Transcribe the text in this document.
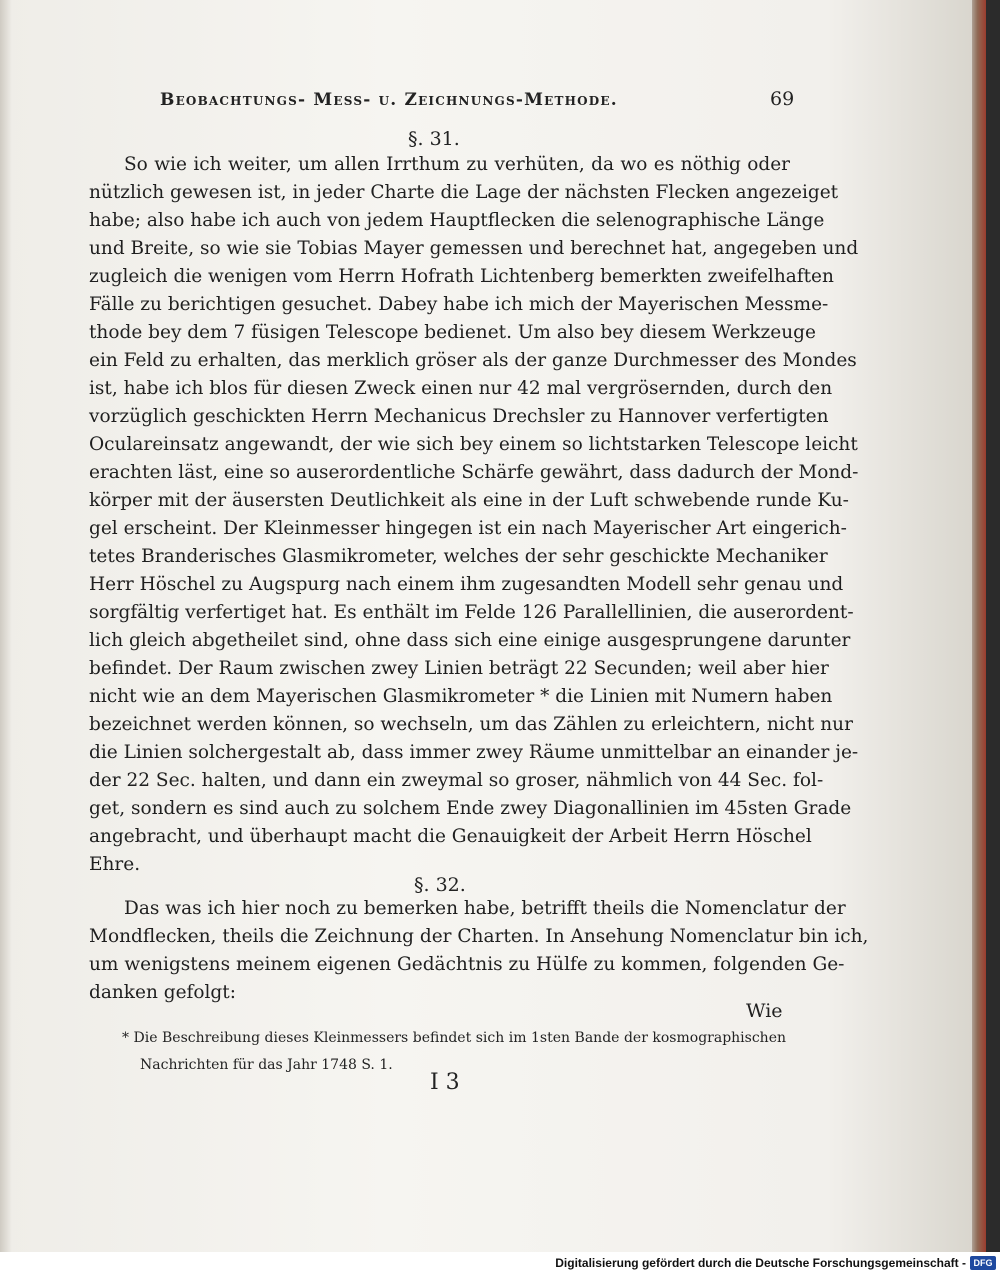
Beobachtungs- Mess- u. Zeichnungs-Methode.	69
§. 31.
So wie ich weiter, um allen Irrthum zu verhüten, da wo es nöthig oder
nützlich gewesen ist, in jeder Charte die Lage der nächsten Flecken angezeiget
habe; also habe ich auch von jedem Hauptflecken die selenographische Länge
und Breite, so wie sie Tobias Mayer gemessen und berechnet hat, angegeben und
zugleich die wenigen vom Herrn Hofrath Lichtenberg bemerkten zweifelhaften
Fälle zu berichtigen gesuchet. Dabey habe ich mich der Mayerischen Messme-
thode bey dem 7 füsigen Telescope bedienet. Um also bey diesem Werkzeuge
ein Feld zu erhalten, das merklich gröser als der ganze Durchmesser des Mondes
ist, habe ich blos für diesen Zweck einen nur 42 mal vergrösernden, durch den
vorzüglich geschickten Herrn Mechanicus Drechsler zu Hannover verfertigten
Oculareinsatz angewandt, der wie sich bey einem so lichtstarken Telescope leicht
erachten läst, eine so auserordentliche Schärfe gewährt, dass dadurch der Mond-
körper mit der äusersten Deutlichkeit als eine in der Luft schwebende runde Ku-
gel erscheint. Der Kleinmesser hingegen ist ein nach Mayerischer Art eingerich-
tetes Branderisches Glasmikrometer, welches der sehr geschickte Mechaniker
Herr Höschel zu Augspurg nach einem ihm zugesandten Modell sehr genau und
sorgfältig verfertiget hat. Es enthält im Felde 126 Parallellinien, die auserordent-
lich gleich abgetheilet sind, ohne dass sich eine einige ausgesprungene darunter
befindet. Der Raum zwischen zwey Linien beträgt 22 Secunden; weil aber hier
nicht wie an dem Mayerischen Glasmikrometer * die Linien mit Numern haben
bezeichnet werden können, so wechseln, um das Zählen zu erleichtern, nicht nur
die Linien solchergestalt ab, dass immer zwey Räume unmittelbar an einander je-
der 22 Sec. halten, und dann ein zweymal so groser, nähmlich von 44 Sec. fol-
get, sondern es sind auch zu solchem Ende zwey Diagonallinien im 45sten Grade
angebracht, und überhaupt macht die Genauigkeit der Arbeit Herrn Höschel
Ehre.
§. 32.
Das was ich hier noch zu bemerken habe, betrifft theils die Nomenclatur der
Mondflecken, theils die Zeichnung der Charten. In Ansehung Nomenclatur bin ich,
um wenigstens meinem eigenen Gedächtnis zu Hülfe zu kommen, folgenden Ge-
danken gefolgt:
Wie
* Die Beschreibung dieses Kleinmessers befindet sich im 1sten Bande der kosmographischen
Nachrichten für das Jahr 1748 S. 1.
I 3
Digitalisierung gefördert durch die Deutsche Forschungsgemeinschaft - DFG
